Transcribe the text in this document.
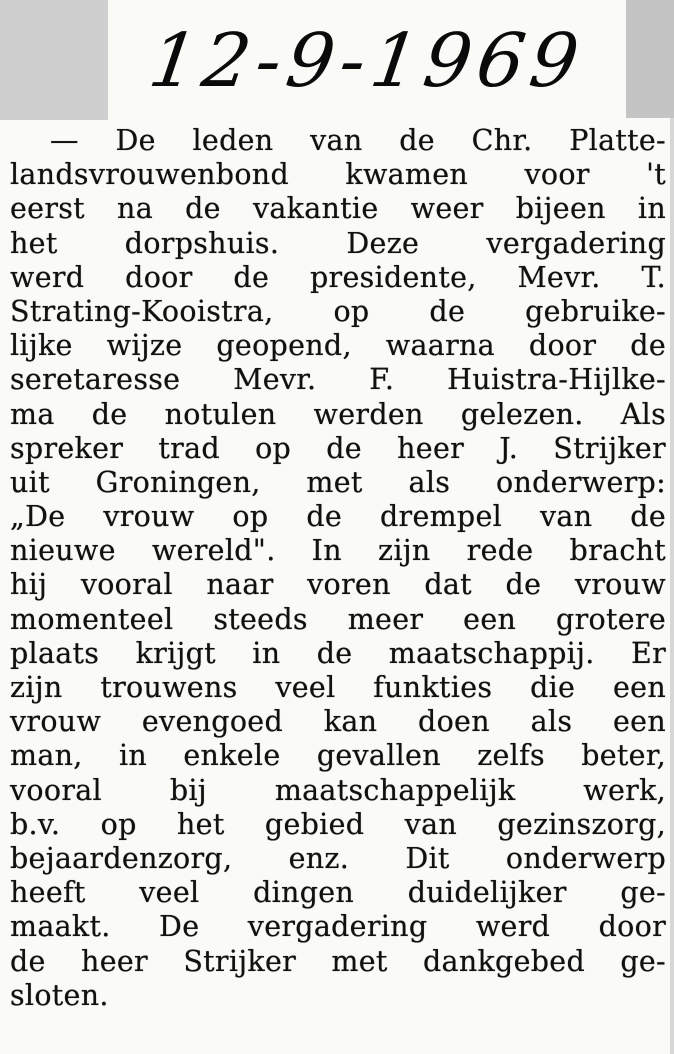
12-9-1969
— De leden van de Chr. Platte-
landsvrouwenbond kwamen voor 't
eerst na de vakantie weer bijeen in
het dorpshuis. Deze vergadering
werd door de presidente, Mevr. T.
Strating-Kooistra, op de gebruike-
lijke wijze geopend, waarna door de
seretaresse Mevr. F. Huistra-Hijlke-
ma de notulen werden gelezen. Als
spreker trad op de heer J. Strijker
uit Groningen, met als onderwerp:
„De vrouw op de drempel van de
nieuwe wereld". In zijn rede bracht
hij vooral naar voren dat de vrouw
momenteel steeds meer een grotere
plaats krijgt in de maatschappij. Er
zijn trouwens veel funkties die een
vrouw evengoed kan doen als een
man, in enkele gevallen zelfs beter,
vooral bij maatschappelijk werk,
b.v. op het gebied van gezinszorg,
bejaardenzorg, enz. Dit onderwerp
heeft veel dingen duidelijker ge-
maakt. De vergadering werd door
de heer Strijker met dankgebed ge-
sloten.
